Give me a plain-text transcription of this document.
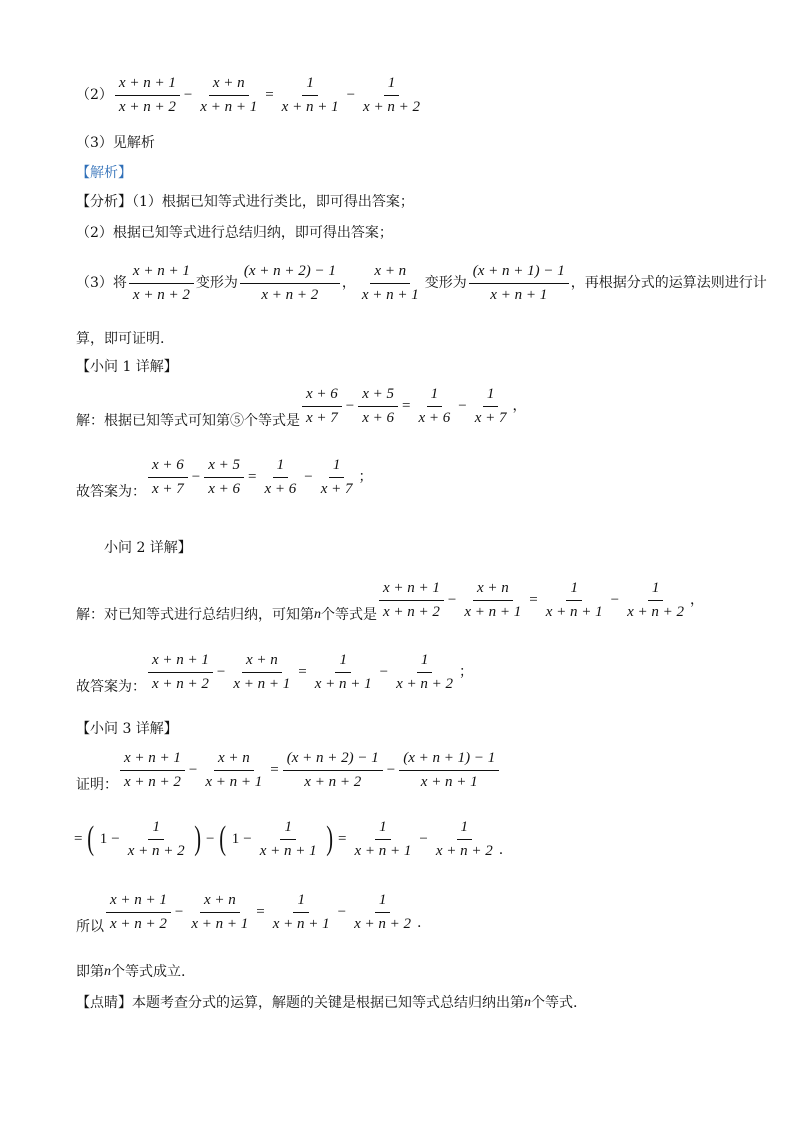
$(2) \frac{x + n + 1}{x + n + 2} - \frac{x + n}{x + n + 1} = \frac{1}{x + n + 1} - \frac{1}{x + n + 2}$
（3）见解析
【解析】
【分析】（1）根据已知等式进行类比，即可得出答案；
（2）根据已知等式进行总结归纳，即可得出答案；
（3）将 $\frac{x + n + 1}{x + n + 2}$ 变形为 $\frac{(x + n + 2) - 1}{x + n + 2}$ ， $\frac{x + n}{x + n + 1}$ 变形为 $\frac{(x + n + 1) - 1}{x + n + 1}$ ，再根据分式的运算法则进行计
算，即可证明.
【小问 1 详解】
解：根据已知等式可知第⑤个等式是 $\frac{x + 6}{x + 7} - \frac{x + 5}{x + 6} = \frac{1}{x + 6} - \frac{1}{x + 7}$ ，
故答案为： $\frac{x + 6}{x + 7} - \frac{x + 5}{x + 6} = \frac{1}{x + 6} - \frac{1}{x + 7}$ ；
小问 2 详解】
解：对已知等式进行总结归纳，可知第 n 个等式是 $\frac{x + n + 1}{x + n + 2} - \frac{x + n}{x + n + 1} = \frac{1}{x + n + 1} - \frac{1}{x + n + 2}$ ，
故答案为： $\frac{x + n + 1}{x + n + 2} - \frac{x + n}{x + n + 1} = \frac{1}{x + n + 1} - \frac{1}{x + n + 2}$ ；
【小问 3 详解】
证明： $\frac{x + n + 1}{x + n + 2} - \frac{x + n}{x + n + 1} = \frac{(x + n + 2) - 1}{x + n + 2} - \frac{(x + n + 1) - 1}{x + n + 1}$
= ( $1 - \frac{1}{x + n + 2}$ ) − ( $1 - \frac{1}{x + n + 1}$ ) = $\frac{1}{x + n + 1} - \frac{1}{x + n + 2}$ .
所以 $\frac{x + n + 1}{x + n + 2} - \frac{x + n}{x + n + 1} = \frac{1}{x + n + 1} - \frac{1}{x + n + 2}$ .
即第 n 个等式成立.
【点睛】本题考查分式的运算，解题的关键是根据已知等式总结归纳出第 n 个等式.
